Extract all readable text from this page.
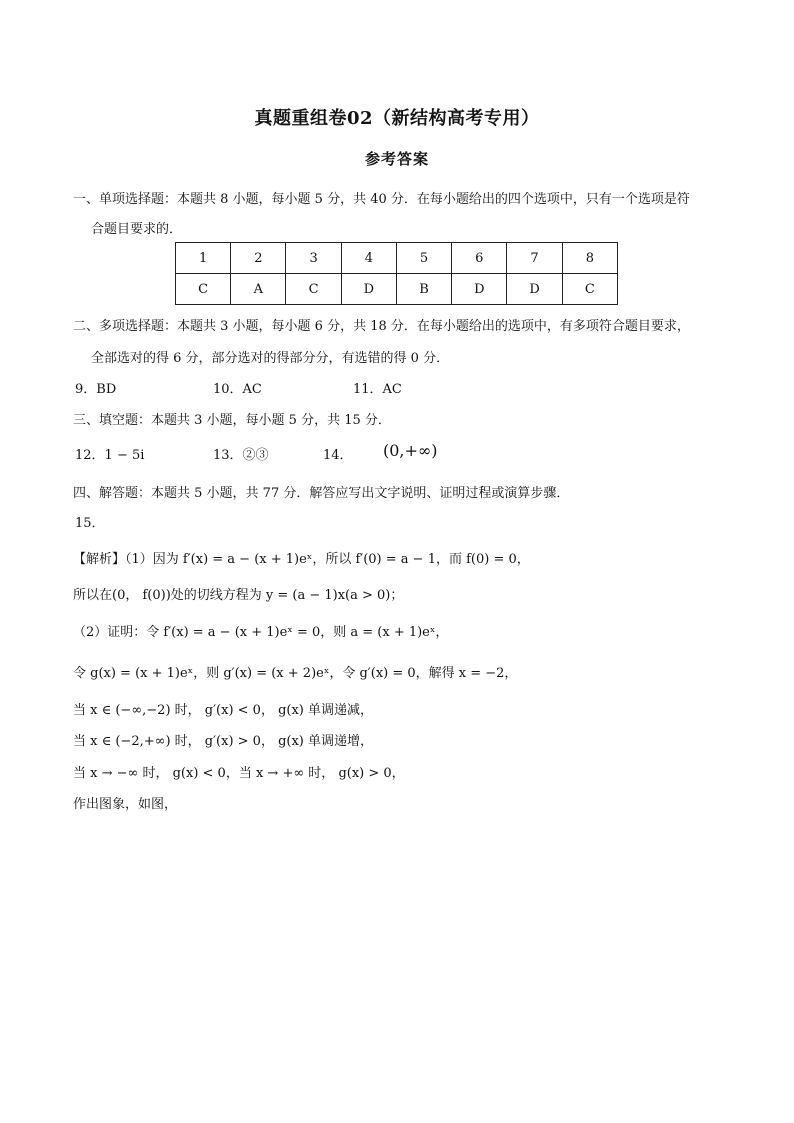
真题重组卷02（新结构高考专用）
参考答案
一、单项选择题：本题共 8 小题，每小题 5 分，共 40 分．在每小题给出的四个选项中，只有一个选项是符
合题目要求的．
1	2	3	4	5	6	7	8
C	A	C	D	B	D	D	C
二、多项选择题：本题共 3 小题，每小题 6 分，共 18 分．在每小题给出的选项中，有多项符合题目要求，
全部选对的得 6 分，部分选对的得部分分，有选错的得 0 分．
9．BD	10．AC	11．AC
三、填空题：本题共 3 小题，每小题 5 分，共 15 分．
12．1 − 5i	13．②③	14． (0,+∞)
四、解答题：本题共 5 小题，共 77 分．解答应写出文字说明、证明过程或演算步骤．
15．
【解析】（1）因为 f′(x) = a − (x + 1)eˣ，所以 f′(0) = a − 1，而 f(0) = 0，
所以在(0， f(0))处的切线方程为 y = (a − 1)x(a > 0)；
（2）证明：令 f′(x) = a − (x + 1)eˣ = 0，则 a = (x + 1)eˣ，
令 g(x) = (x + 1)eˣ，则 g′(x) = (x + 2)eˣ，令 g′(x) = 0，解得 x = −2，
当 x ∈ (−∞,−2) 时， g′(x) < 0， g(x) 单调递减，
当 x ∈ (−2,+∞) 时， g′(x) > 0， g(x) 单调递增，
当 x → −∞ 时， g(x) < 0，当 x → +∞ 时， g(x) > 0，
作出图象，如图，
